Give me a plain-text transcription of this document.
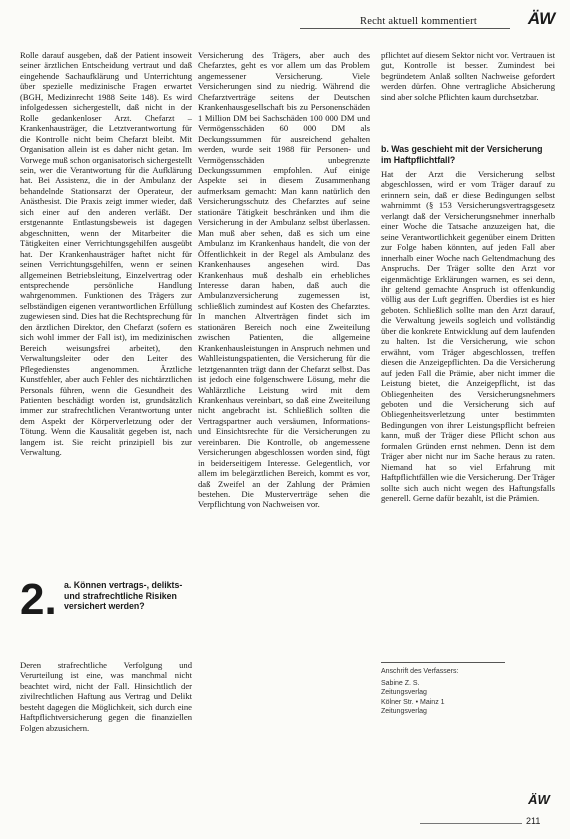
Recht aktuell kommentiert	ÄW

Rolle darauf ausgeben, daß der Patient insoweit seiner ärztlichen Entscheidung vertraut und daß eingehende Sachaufklärung und Unterrichtung über spezielle medizinische Fragen erwartet (BGH, Medizinrecht 1988 Seite 148). Es wird infolgedessen sichergestellt, daß nicht in der Rolle gedankenloser Arzt. Chefarzt – Krankenhausträger, die Letztverantwortung für die Kontrolle nicht beim Chefarzt bleibt. Mit Organisation allein ist es daher nicht getan. Im Vorwege muß schon organisatorisch sichergestellt sein, wer die Verantwortung für die Aufklärung hat. Bei Assistenz, die in der Ambulanz der behandelnde Stationsarzt der Operateur, der Anästhesist. Die Praxis zeigt immer wieder, daß sich einer auf den anderen verläßt. Der erstgenannte Entlastungsbeweis ist dagegen abgeschnitten, wenn der Mitarbeiter die Tätigkeiten einer Verrichtungsgehilfen ausgeübt hat. Der Krankenhausträger haftet nicht für seinen Verrichtungsgehilfen, wenn er seinen allgemeinen Betriebsleitung, Einzelvertrag oder entsprechende persönliche Handlung wahrgenommen. Funktionen des Trägers zur selbständigen eigenen verantwortlichen Erfüllung zugewiesen sind. Dies hat die Rechtsprechung für den ärztlichen Direktor, den Chefarzt (sofern es sich wohl immer der Fall ist), im medizinischen Bereich weisungsfrei arbeitet), den Verwaltungsleiter oder den Leiter des Pflegedienstes angenommen. Ärztliche Kunstfehler, aber auch Fehler des nichtärztlichen Personals führen, wenn die Gesundheit des Patienten beschädigt worden ist, grundsätzlich immer zur strafrechtlichen Verantwortung unter dem Aspekt der Körperverletzung oder der Tötung. Wenn die Kausalität gegeben ist, nach langem ist. Sie reicht prinzipiell bis zur Verwaltung.

2. a. Können vertrags-, delikts- und strafrechtliche Risiken versichert werden?

Deren strafrechtliche Verfolgung und Verurteilung ist eine, was manchmal nicht beachtet wird, nicht der Fall. Hinsichtlich der zivilrechtlichen Haftung aus Vertrag und Delikt besteht dagegen die Möglichkeit, sich durch eine Haftpflichtversicherung gegen die finanziellen Folgen abzusichern.

Versicherung des Trägers, aber auch des Chefarztes, geht es vor allem um das Problem angemessener Versicherung. Viele Versicherungen sind zu niedrig. Während die Chefarztverträge seitens der Deutschen Krankenhausgesellschaft bis zu Personenschäden 1 Million DM bei Sachschäden 100 000 DM und Vermögensschäden 60 000 DM als Deckungssummen für ausreichend gehalten werden, wurde seit 1988 für Personen- und Vermögensschäden unbegrenzte Deckungssummen empfohlen. Auf einige Aspekte sei in diesem Zusammenhang aufmerksam gemacht: Man kann natürlich den Versicherungsschutz des Chefarztes auf seine stationäre Tätigkeit beschränken und ihm die Versicherung in der Ambulanz selbst überlassen. Man muß aber sehen, daß es sich um eine Ambulanz im Krankenhaus handelt, die von der Öffentlichkeit in der Regel als Ambulanz des Krankenhauses angesehen wird. Das Krankenhaus muß deshalb ein erhebliches Interesse daran haben, daß auch die Ambulanzversicherung zugemessen ist, schließlich zumindest auf Kosten des Chefarztes. In manchen Altverträgen findet sich im stationären Bereich noch eine Zweiteilung zwischen Patienten, die allgemeine Krankenhausleistungen in Anspruch nehmen und Wahlleistungspatienten, die Versicherung für die letztgenannten trägt dann der Chefarzt selbst. Das ist jedoch eine folgenschwere Lösung, mehr die Wahlärztliche Leistung wird mit dem Krankenhaus vereinbart, so daß eine Zweiteilung nicht angebracht ist. Schließlich sollten die Vertragspartner auch versäumen, Informations- und Einsichtsrechte für die Versicherungen zu vereinbaren. Die Kontrolle, ob angemessene Versicherungen abgeschlossen worden sind, fügt in beiderseitigem Interesse. Gelegentlich, vor allem im belegärztlichen Bereich, kommt es vor, daß Zweifel an der Zahlung der Prämien bestehen. Die Musterverträge sehen die Verpflichtung von Nachweisen vor.

pflichtet auf diesem Sektor nicht vor. Vertrauen ist gut, Kontrolle ist besser. Zumindest bei begründetem Anlaß sollten Nachweise gefordert werden dürfen. Ohne vertragliche Absicherung sind aber solche Pflichten kaum durchsetzbar.

b. Was geschieht mit der Versicherung im Haftpflichtfall?

Hat der Arzt die Versicherung selbst abgeschlossen, wird er vom Träger darauf zu erinnern sein, daß er diese Bedingungen selbst wahrnimmt (§ 153 Versicherungsvertragsgesetz verlangt daß der Versicherungsnehmer innerhalb einer Woche die Tatsache anzuzeigen hat, die seine Verantwortlichkeit gegenüber einem Dritten zur Folge haben könnten, auf jeden Fall aber innerhalb einer Woche nach Geltendmachung des Anspruchs. Der Träger sollte den Arzt vor eigenmächtige Erklärungen warnen, es sei denn, ihr geltend gemachte Anspruch ist offenkundig völlig aus der Luft gegriffen. Überdies ist es hier geboten. Schließlich sollte man den Arzt darauf, die Verwaltung jeweils sogleich und vollständig über die konkrete Entwicklung auf dem laufenden zu halten. Ist die Versicherung, wie schon erwähnt, vom Träger abgeschlossen, treffen diesen die Anzeigepflichten. Da die Versicherung auf jeden Fall die Prämie, aber nicht immer die Leistung bietet, die Anzeigepflicht, ist das Obliegenheiten des Versicherungsnehmers geboten und die Versicherung sich auf Obliegenheitsverletzung unter bestimmten Bedingungen von ihrer Leistungspflicht befreien kann, muß der Träger diese Pflicht schon aus formalen Gründen ernst nehmen. Denn ist dem Träger aber nicht nur im Sache heraus zu raten. Niemand hat so viel Erfahrung mit Haftpflichtfällen wie die Versicherung. Der Träger sollte sich auch nicht wegen des Haftungsfalls generell. Gerne dafür bezahlt, ist die Prämien.

Anschrift des Verfassers:
Sabine Z. S.
Zeitungsverlag
Kölner Str. • Mainz 1
Zeitungsverlag
ÄW
211
